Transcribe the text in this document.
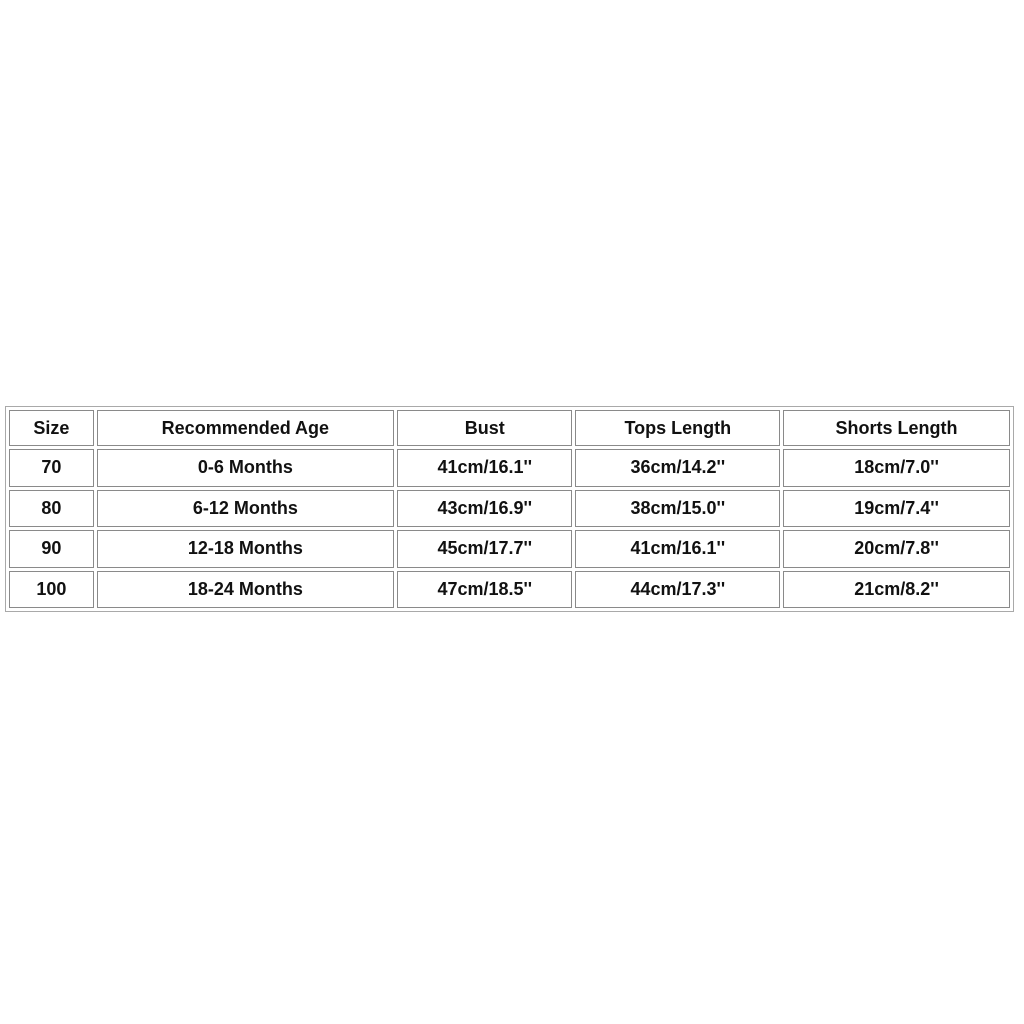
Size	Recommended Age	Bust	Tops Length	Shorts Length
70	0-6 Months	41cm/16.1''	36cm/14.2''	18cm/7.0''
80	6-12 Months	43cm/16.9''	38cm/15.0''	19cm/7.4''
90	12-18 Months	45cm/17.7''	41cm/16.1''	20cm/7.8''
100	18-24 Months	47cm/18.5''	44cm/17.3''	21cm/8.2''
